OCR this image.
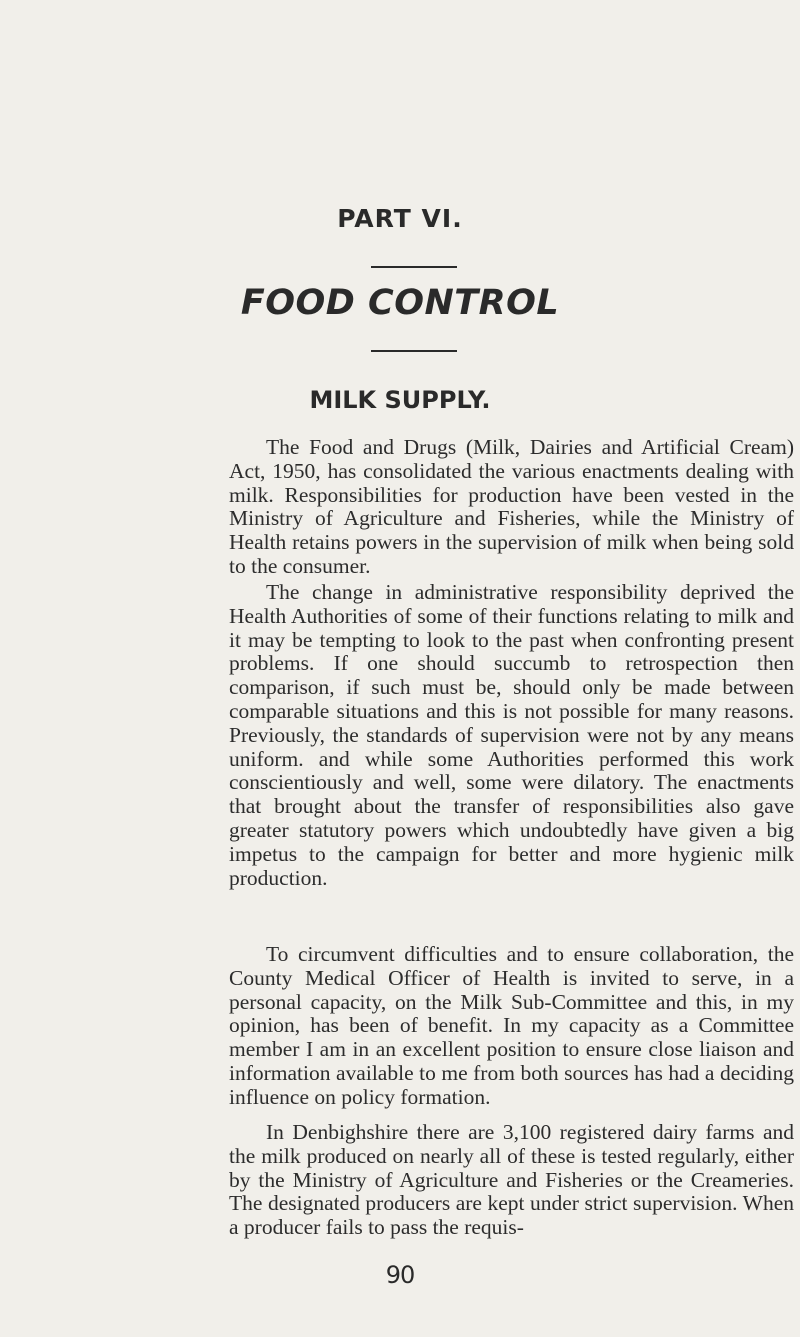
PART VI.
FOOD CONTROL
MILK SUPPLY.

The Food and Drugs (Milk, Dairies and Artificial Cream) Act, 1950, has consolidated the various enactments dealing with milk. Responsibilities for production have been vested in the Ministry of Agriculture and Fisheries, while the Ministry of Health retains powers in the supervision of milk when being sold to the consumer.

The change in administrative responsibility deprived the Health Authorities of some of their functions relating to milk and it may be tempting to look to the past when confronting present problems. If one should succumb to retrospection then comparison, if such must be, should only be made between comparable situations and this is not possible for many reasons. Previously, the standards of supervision were not by any means uniform. and while some Authorities performed this work conscientiously and well, some were dilatory. The enactments that brought about the transfer of responsibilities also gave greater statutory powers which undoubtedly have given a big impetus to the campaign for better and more hygienic milk production.

To circumvent difficulties and to ensure collaboration, the County Medical Officer of Health is invited to serve, in a personal capacity, on the Milk Sub-Committee and this, in my opinion, has been of benefit. In my capacity as a Committee member I am in an excellent position to ensure close liaison and information available to me from both sources has had a deciding influence on policy formation.

In Denbighshire there are 3,100 registered dairy farms and the milk produced on nearly all of these is tested regularly, either by the Ministry of Agriculture and Fisheries or the Creameries. The designated producers are kept under strict supervision. When a producer fails to pass the requis-

90
